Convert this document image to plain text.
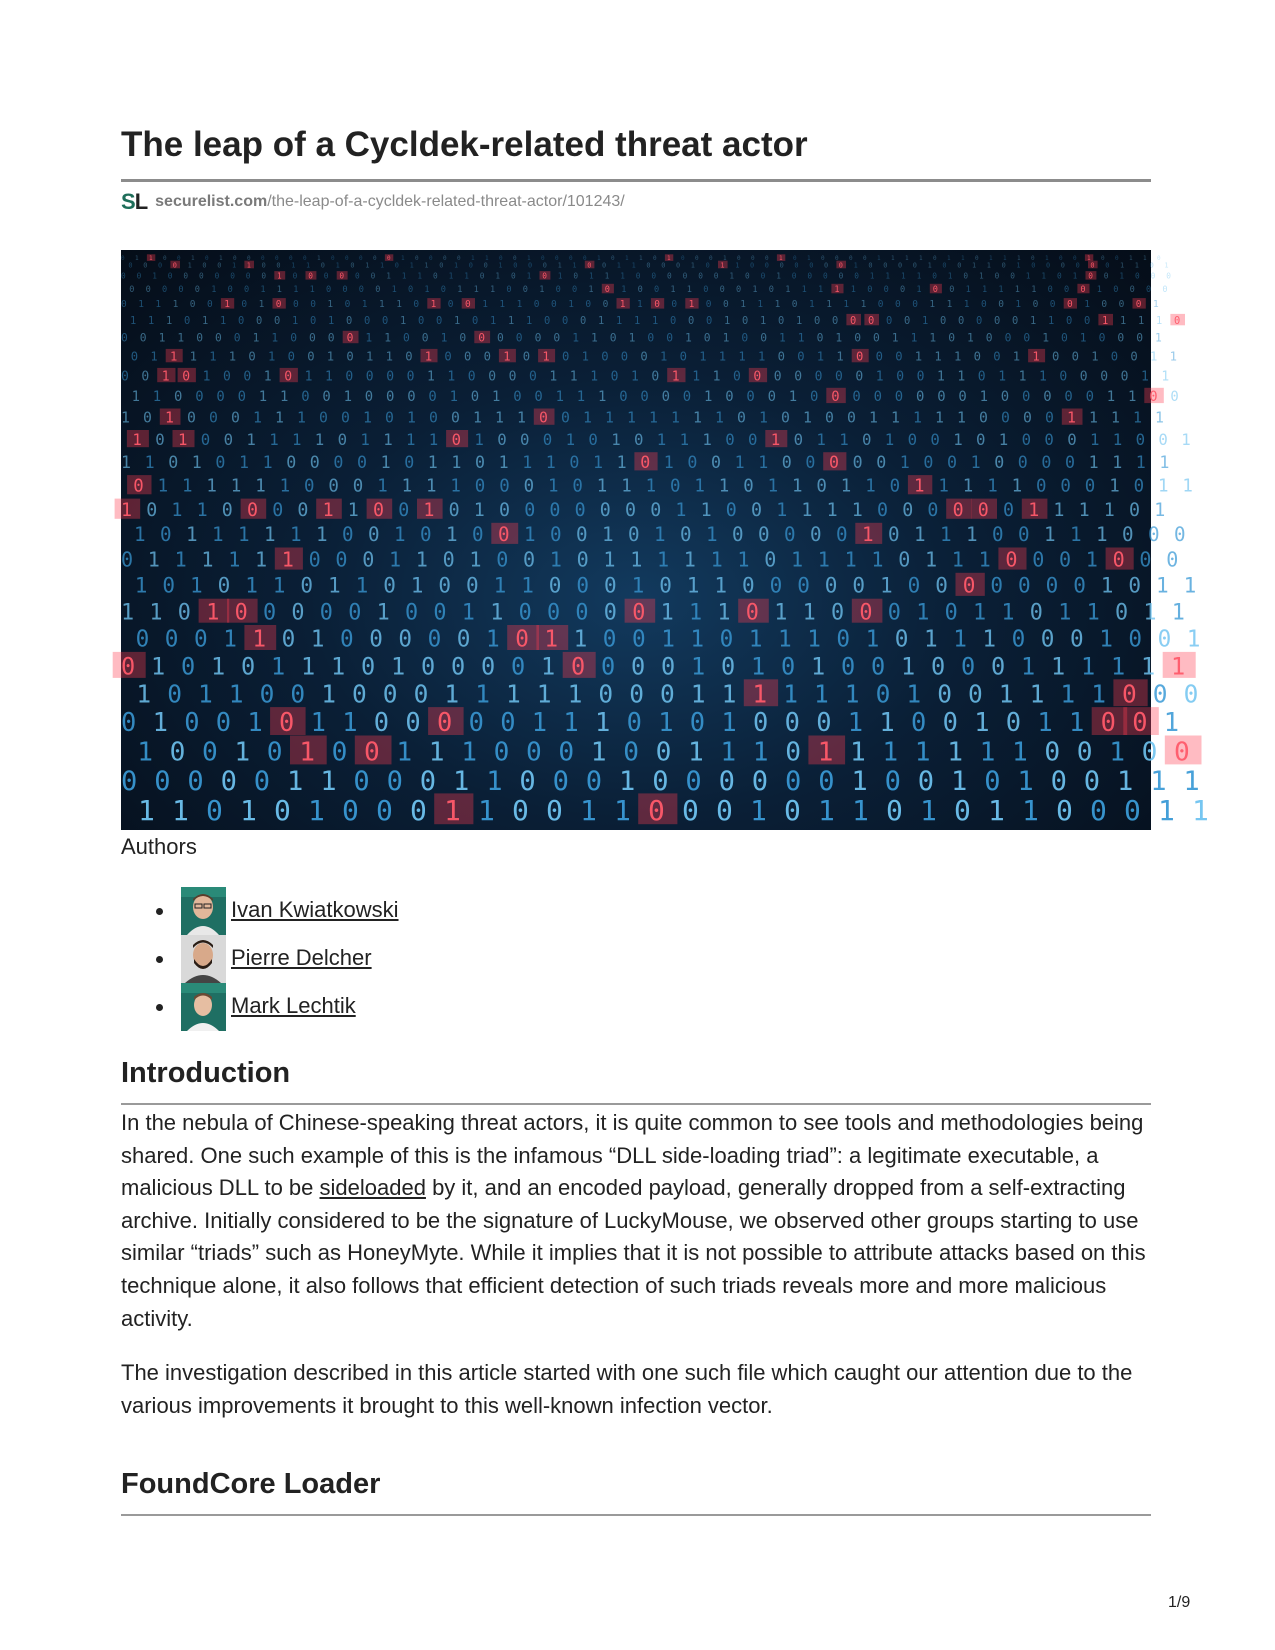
The leap of a Cycldek-related threat actor
SL securelist.com/the-leap-of-a-cycldek-related-threat-actor/101243/
0 1 1 0 0 1 0 1 0 0 0 0 0 0 1 0 0 0 0 0 1 0 0 0 0 1 1 0 0 1 0 0 0 0 1 0 1 1 0 1 0 0 0 1 0 0 0 1 0 1 0 0 0 0 1 1 1 1 0 1 1 0 1 1 1 0 1 0 0 1 0 0 1 1 0
0 0 0 0 1 0 0 1 1 0 0 1 1 0 1 0 1 1 0 1 1 0 1 0 0 1 0 0 0 1 1 0 0 1 1 0 0 0 1 0 1 1 0 0 0 0 0 0 0 1 0 0 0 0 1 0 0 1 1 0 1 0 0 0 0 0 0 1 1 0 1
0 0 1 0 0 0 0 0 0 0 1 0 0 0 0 0 0 1 1 1 0 1 1 0 1 0 1 0 1 0 1 1 1 0 0 0 0 0 0 1 0 0 1 0 0 0 0 0 1 1 1 1 0 1 0 1 0 0 1 1 0 1 0 0 1 0 0 0
0 0 0 0 0 1 0 0 1 1 1 1 0 0 0 0 1 0 1 0 1 1 1 0 0 1 0 0 1 0 1 0 0 1 1 0 0 0 1 0 1 1 1 1 1 0 0 0 1 0 0 1 1 1 1 1 0 0 0 1 0 0 0 0
0 1 1 1 0 0 1 0 1 0 0 0 1 0 1 1 1 0 1 0 0 1 1 1 0 0 1 0 0 1 1 0 0 1 0 0 1 1 1 0 1 1 1 1 0 0 0 1 1 1 0 0 1 0 0 0 1 0 0 0 1
1 1 1 0 1 1 0 0 0 1 0 1 0 0 0 1 0 0 1 0 1 1 1 0 0 0 1 1 1 1 0 0 0 1 0 1 0 1 0 0 0 0 0 0 1 0 0 0 0 0 1 1 0 0 1 1 1 1 0
0 0 1 1 0 0 0 1 1 0 0 0 0 1 1 0 0 1 0 0 0 0 0 0 1 1 0 1 0 0 1 0 1 0 0 1 1 0 1 0 0 1 1 1 0 1 0 0 0 1 0 1 0 0 0 1
0 1 1 1 1 1 0 1 0 0 1 0 1 1 0 1 0 0 0 1 0 1 0 1 0 0 0 1 0 1 1 1 1 0 0 1 1 0 0 0 1 1 1 0 0 1 1 0 0 1 0 0 1 1
0 0 1 0 1 0 0 1 0 1 1 0 0 0 0 1 1 0 0 0 0 1 1 1 0 1 0 1 1 1 0 0 0 0 0 0 0 1 0 0 1 1 0 1 1 1 0 0 0 0 1 1
1 1 0 0 0 0 1 1 0 0 1 0 0 0 0 1 0 1 0 0 1 1 1 0 0 0 0 1 0 0 0 1 0 0 0 0 0 0 0 0 1 0 0 0 0 0 1 1 0 0
1 0 1 0 0 0 1 1 1 0 0 1 0 1 0 0 1 1 1 0 0 1 1 1 1 1 1 1 0 1 0 1 0 0 1 1 1 1 1 0 0 0 0 1 1 1 1 1
1 0 1 0 0 1 1 1 1 0 1 1 1 1 0 1 0 0 0 1 0 1 0 1 1 1 0 0 1 0 1 1 0 1 0 0 1 0 1 0 0 0 1 1 0 0 1
1 1 0 1 0 1 1 0 0 0 0 1 0 1 1 0 1 1 1 0 1 1 0 1 0 0 1 1 0 0 0 0 0 1 0 0 1 0 0 0 0 1 1 1 1
0 1 1 1 1 1 1 0 0 0 1 1 1 1 0 0 0 1 0 1 1 1 0 1 1 0 1 1 0 1 1 0 1 1 1 1 1 0 0 0 1 0 1 1
1 0 1 1 0 0 0 0 1 1 0 0 1 0 1 0 0 0 0 0 0 0 1 1 0 0 1 1 1 1 0 0 0 0 0 0 1 1 1 1 0 1
1 0 1 1 1 1 1 1 0 0 1 0 1 0 0 1 0 0 1 0 1 0 1 0 0 0 0 0 1 0 1 1 1 0 0 1 1 1 0 0 0
0 1 1 1 1 1 1 0 0 0 1 1 0 1 0 0 1 0 1 1 1 1 1 1 0 1 1 1 1 0 1 1 1 0 0 0 1 0 0 0
1 0 1 0 1 1 0 1 1 0 1 0 0 1 1 0 0 0 1 0 1 1 0 0 0 0 0 1 0 0 0 0 0 0 0 1 0 1 1
1 1 0 1 0 0 0 0 0 1 0 0 1 1 0 0 0 0 0 1 1 1 0 1 1 0 0 0 1 0 1 1 0 1 1 0 1 1
0 0 0 1 1 0 1 0 0 0 0 0 1 0 1 1 0 0 1 1 0 1 1 1 0 1 0 1 1 1 0 0 0 1 0 0 1
0 1 0 1 0 1 1 1 0 1 0 0 0 0 1 0 0 0 0 1 0 1 0 1 0 0 1 0 0 0 1 1 1 1 1 1
1 0 1 1 0 0 1 0 0 0 1 1 1 1 1 0 0 0 1 1 1 1 1 1 0 1 0 0 1 1 1 1 0 0 0
0 1 0 0 1 0 1 1 0 0 0 0 0 1 1 1 0 1 0 1 0 0 0 1 1 0 0 1 0 1 1 0 0 1
1 0 0 1 0 1 0 0 1 1 1 0 0 0 1 0 0 1 1 1 0 1 1 1 1 1 1 1 0 0 1 0 0
0 0 0 0 0 1 1 0 0 0 1 1 0 0 0 1 0 0 0 0 0 0 1 0 0 1 0 1 0 0 1 1 1
1 1 0 1 0 1 0 0 0 1 1 0 0 1 1 0 0 0 1 0 1 1 0 1 0 1 1 0 0 0 1 1
Authors
Ivan Kwiatkowski
Pierre Delcher
Mark Lechtik
Introduction

In the nebula of Chinese-speaking threat actors, it is quite common to see tools and methodologies being shared. One such example of this is the infamous “DLL side-loading triad”: a legitimate executable, a malicious DLL to be sideloaded by it, and an encoded payload, generally dropped from a self-extracting archive. Initially considered to be the signature of LuckyMouse, we observed other groups starting to use similar “triads” such as HoneyMyte. While it implies that it is not possible to attribute attacks based on this technique alone, it also follows that efficient detection of such triads reveals more and more malicious activity.

The investigation described in this article started with one such file which caught our attention due to the various improvements it brought to this well-known infection vector.

FoundCore Loader
1/9
